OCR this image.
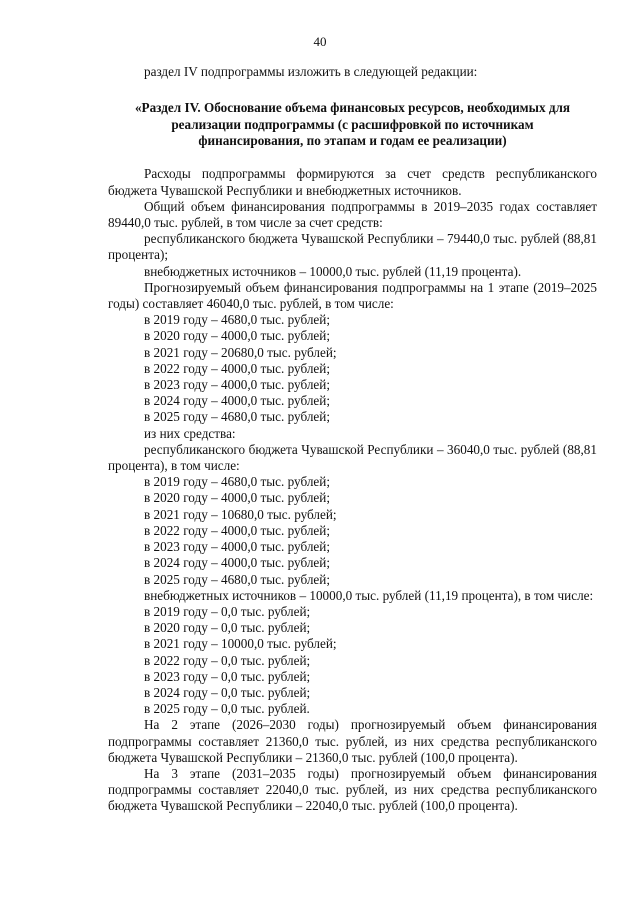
40

раздел IV подпрограммы изложить в следующей редакции:

«Раздел IV. Обоснование объема финансовых ресурсов, необходимых для
реализации подпрограммы (с расшифровкой по источникам
финансирования, по этапам и годам ее реализации)

Расходы подпрограммы формируются за счет средств республиканского бюджета Чувашской Республики и внебюджетных источников.

Общий объем финансирования подпрограммы в 2019–2035 годах составляет 89440,0 тыс. рублей, в том числе за счет средств:

республиканского бюджета Чувашской Республики – 79440,0 тыс. рублей (88,81 процента);

внебюджетных источников – 10000,0 тыс. рублей (11,19 процента).

Прогнозируемый объем финансирования подпрограммы на 1 этапе (2019–2025 годы) составляет 46040,0 тыс. рублей, в том числе:

в 2019 году – 4680,0 тыс. рублей;

в 2020 году – 4000,0 тыс. рублей;

в 2021 году – 20680,0 тыс. рублей;

в 2022 году – 4000,0 тыс. рублей;

в 2023 году – 4000,0 тыс. рублей;

в 2024 году – 4000,0 тыс. рублей;

в 2025 году – 4680,0 тыс. рублей;

из них средства:

республиканского бюджета Чувашской Республики – 36040,0 тыс. рублей (88,81 процента), в том числе:

в 2019 году – 4680,0 тыс. рублей;

в 2020 году – 4000,0 тыс. рублей;

в 2021 году – 10680,0 тыс. рублей;

в 2022 году – 4000,0 тыс. рублей;

в 2023 году – 4000,0 тыс. рублей;

в 2024 году – 4000,0 тыс. рублей;

в 2025 году – 4680,0 тыс. рублей;

внебюджетных источников – 10000,0 тыс. рублей (11,19 процента), в том числе:

в 2019 году – 0,0 тыс. рублей;

в 2020 году – 0,0 тыс. рублей;

в 2021 году – 10000,0 тыс. рублей;

в 2022 году – 0,0 тыс. рублей;

в 2023 году – 0,0 тыс. рублей;

в 2024 году – 0,0 тыс. рублей;

в 2025 году – 0,0 тыс. рублей.

На 2 этапе (2026–2030 годы) прогнозируемый объем финансирования подпрограммы составляет 21360,0 тыс. рублей, из них средства республиканского бюджета Чувашской Республики – 21360,0 тыс. рублей (100,0 процента).

На 3 этапе (2031–2035 годы) прогнозируемый объем финансирования подпрограммы составляет 22040,0 тыс. рублей, из них средства республиканского бюджета Чувашской Республики – 22040,0 тыс. рублей (100,0 процента).
